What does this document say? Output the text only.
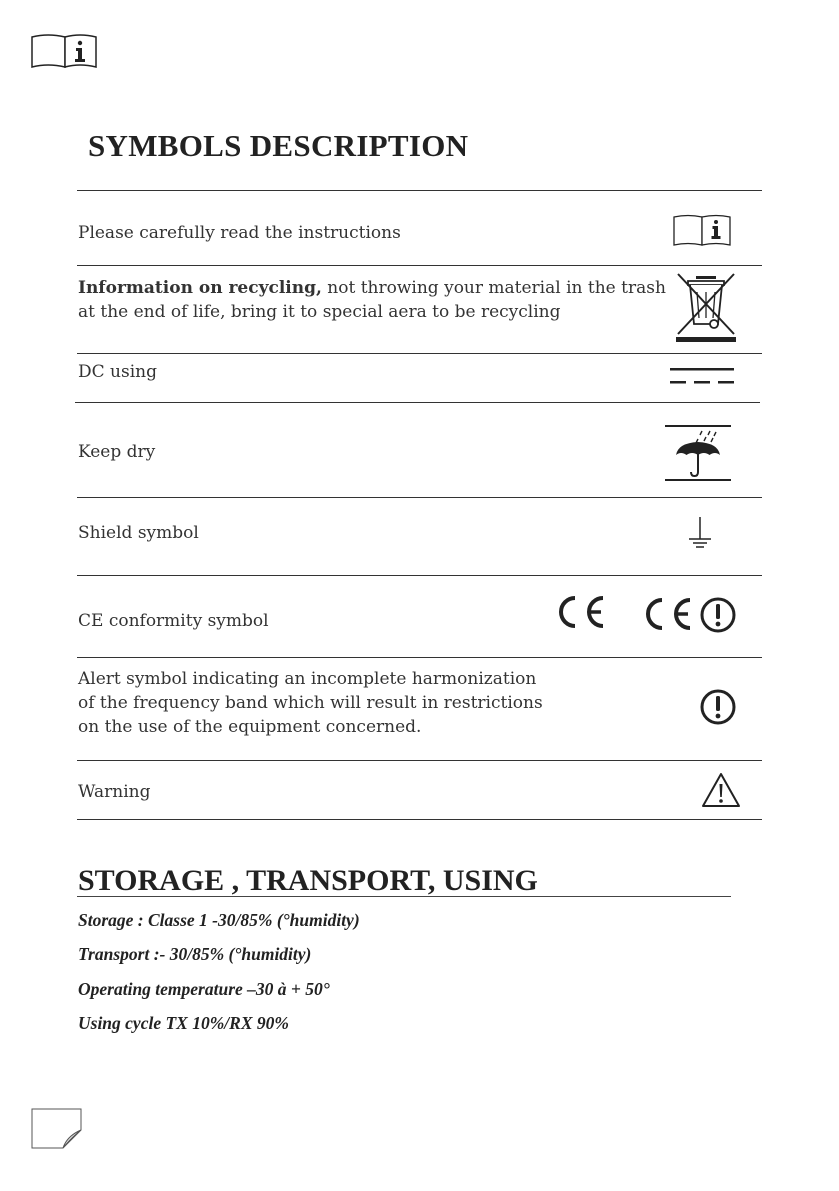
SYMBOLS DESCRIPTION
Please carefully read the instructions
Information on recycling, not throwing your material in the trash
at the end of life, bring it to special aera to be recycling
DC using
Keep dry
Shield symbol
CE conformity symbol
Alert symbol indicating an incomplete harmonization
of the frequency band which will result in restrictions
on the use of the equipment concerned.
Warning
STORAGE , TRANSPORT, USING
Storage : Classe 1 -30/85% (°humidity)
Transport :- 30/85% (°humidity)
Operating temperature –30 à + 50°
Using cycle TX 10%/RX 90%
